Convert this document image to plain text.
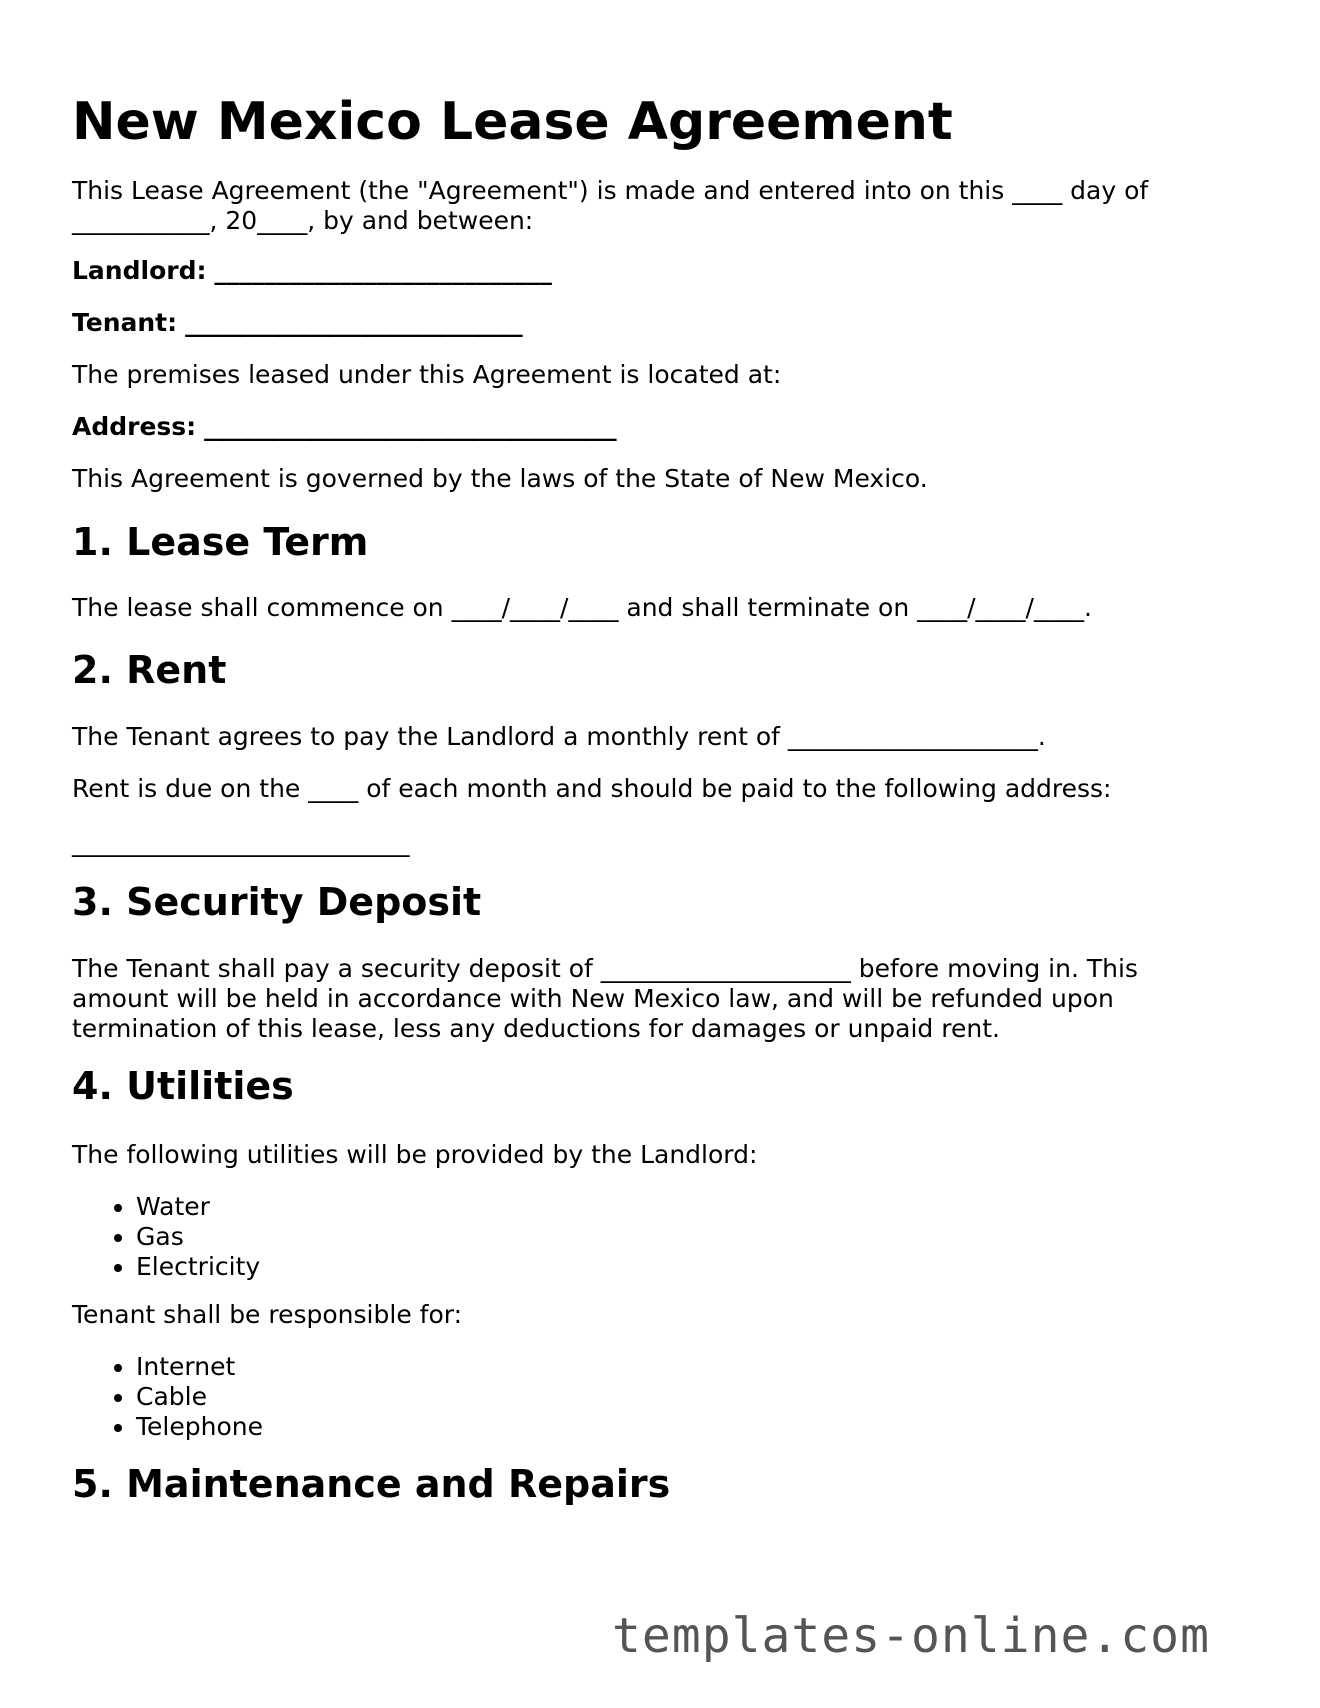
New Mexico Lease Agreement

This Lease Agreement (the "Agreement") is made and entered into on this ____ day of
___________, 20____, by and between:

Landlord: ___________________________

Tenant: ___________________________

The premises leased under this Agreement is located at:

Address: _________________________________

This Agreement is governed by the laws of the State of New Mexico.

1. Lease Term

The lease shall commence on ____/____/____ and shall terminate on ____/____/____.

2. Rent

The Tenant agrees to pay the Landlord a monthly rent of ____________________.

Rent is due on the ____ of each month and should be paid to the following address:

___________________________

3. Security Deposit

The Tenant shall pay a security deposit of ____________________ before moving in. This
amount will be held in accordance with New Mexico law, and will be refunded upon
termination of this lease, less any deductions for damages or unpaid rent.

4. Utilities

The following utilities will be provided by the Landlord:

• Water
• Gas
• Electricity

Tenant shall be responsible for:

• Internet
• Cable
• Telephone
5. Maintenance and Repairs
templates-online.com
